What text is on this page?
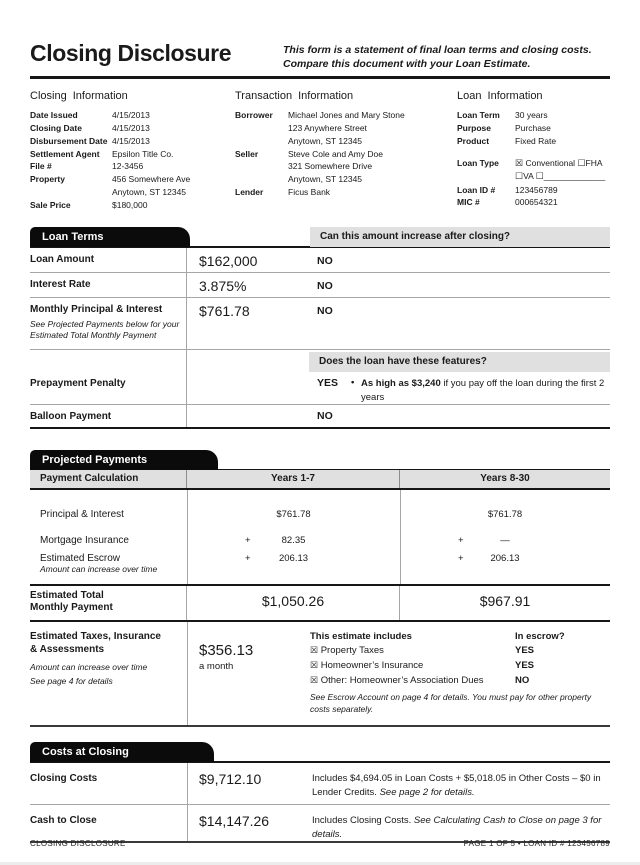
Closing Disclosure	This form is a statement of final loan terms and closing costs. Compare this document with your Loan Estimate.
Closing Information
Date Issued	4/15/2013
Closing Date	4/15/2013
Disbursement Date 4/15/2013
Settlement Agent	Epsilon Title Co.
File #	12-3456
Property	456 Somewhere Ave
Anytown, ST 12345
Sale Price	$180,000
Transaction Information
Borrower	Michael Jones and Mary Stone
123 Anywhere Street
Anytown, ST 12345
Seller	Steve Cole and Amy Doe
321 Somewhere Drive
Anytown, ST 12345
Lender	Ficus Bank
Loan Information
Loan Term	30 years
Purpose	Purchase
Product	Fixed Rate
Loan Type	☒ Conventional ☐FHA
☐VA ☐_____________
Loan ID #	123456789
MIC #	000654321
Loan Terms	Can this amount increase after closing?
Loan Amount	$162,000	NO
Interest Rate	3.875%	NO
Monthly Principal & Interest
See Projected Payments below for your Estimated Total Monthly Payment
$761.78	NO
Does the loan have these features?
Prepayment Penalty	YES	• As high as $3,240 if you pay off the loan during the first 2 years
Balloon Payment	NO
Projected Payments
Payment Calculation	Years 1-7	Years 8-30
Principal & Interest	$761.78	$761.78
Mortgage Insurance	+	82.35	+	—
Estimated Escrow
Amount can increase over time
+	206.13	+	206.13
Estimated Total
Monthly Payment	$1,050.26	$967.91
Estimated Taxes, Insurance
& Assessments
Amount can increase over time
See page 4 for details
$356.13
a month
This estimate includes	In escrow?
☒ Property Taxes	YES
☒ Homeowner’s Insurance	YES
☒ Other: Homeowner’s Association Dues	NO
See Escrow Account on page 4 for details. You must pay for other property costs separately.
Costs at Closing
Closing Costs	$9,712.10	Includes $4,694.05 in Loan Costs + $5,018.05 in Other Costs – $0 in Lender Credits. See page 2 for details.
Cash to Close	$14,147.26	Includes Closing Costs. See Calculating Cash to Close on page 3 for details.
CLOSING DISCLOSURE	PAGE 1 OF 5 • LOAN ID # 123456789
